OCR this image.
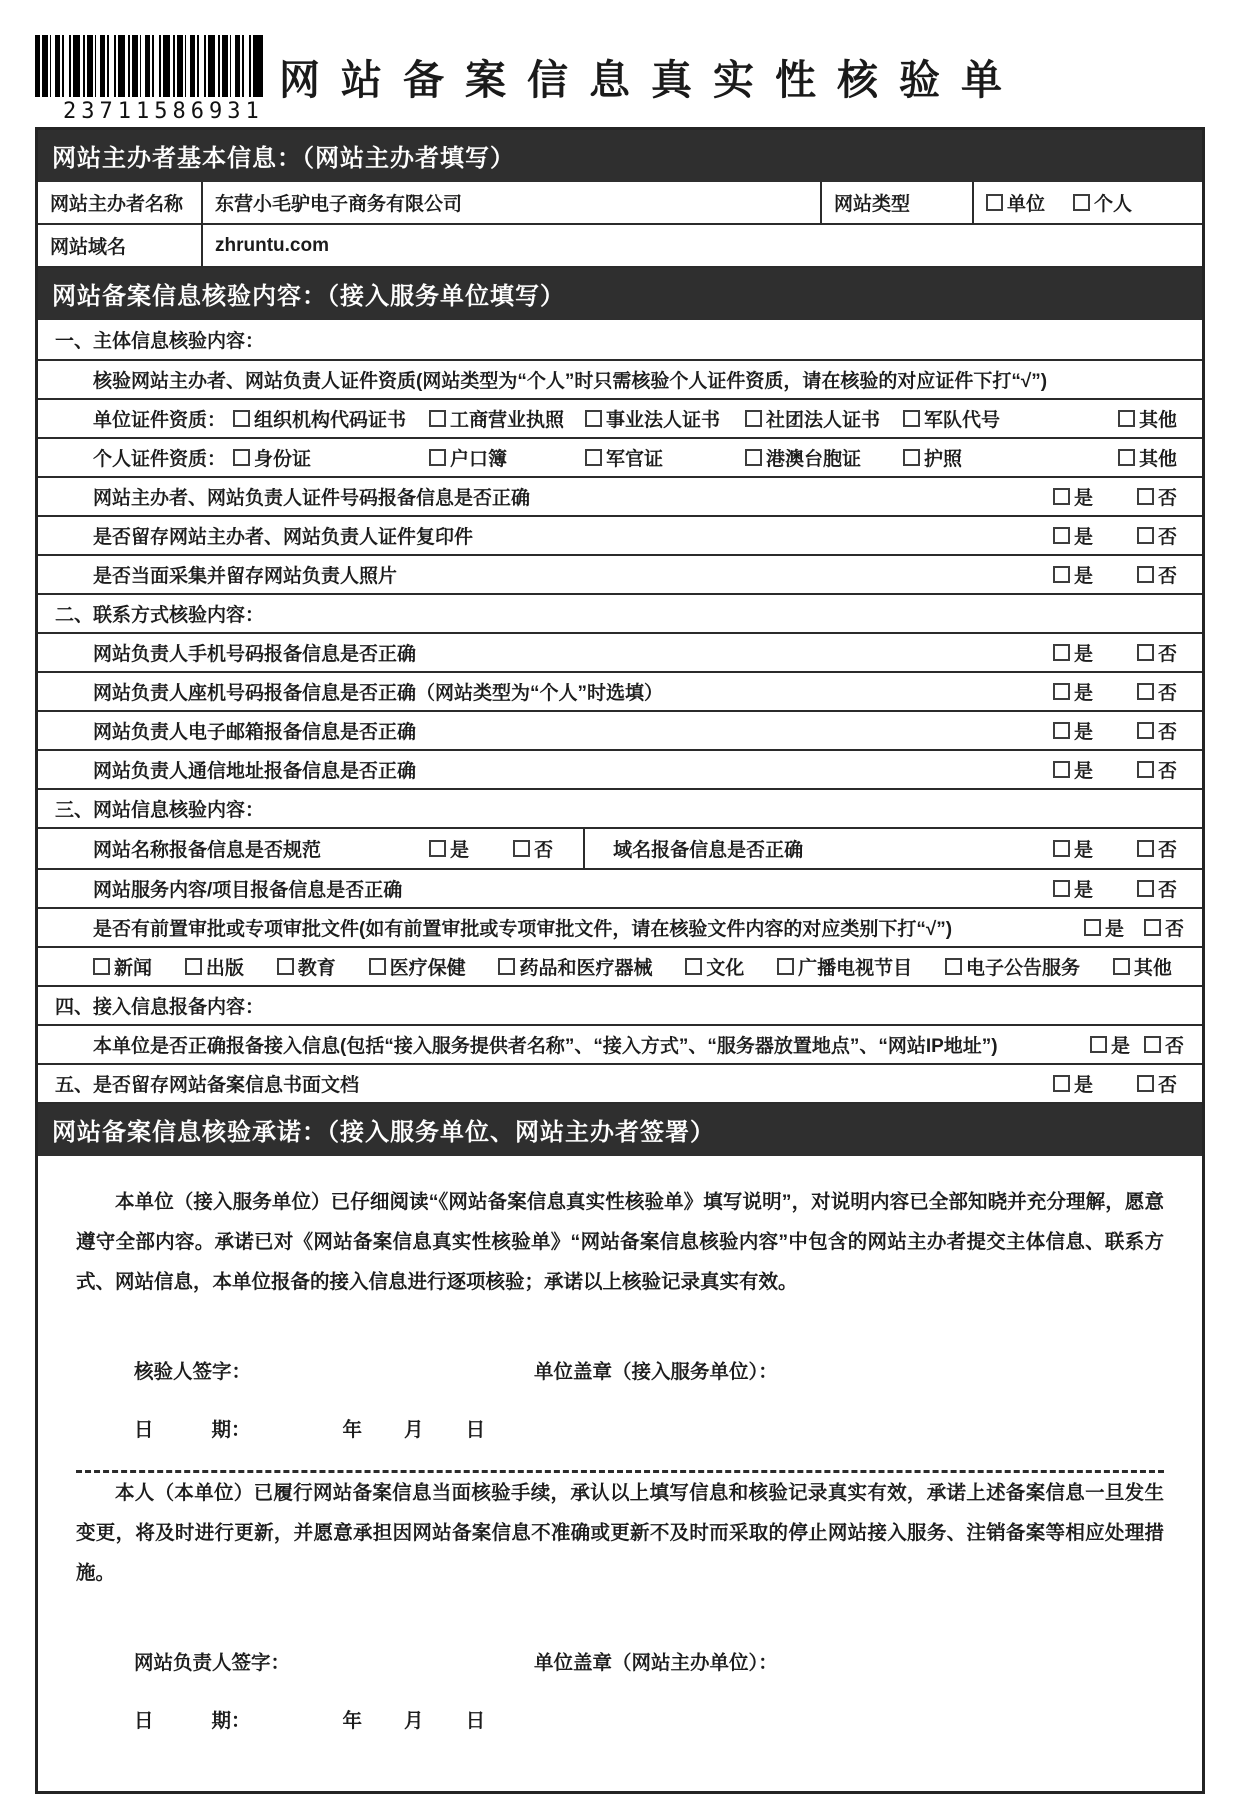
23711586931
网站备案信息真实性核验单
网站主办者基本信息：（网站主办者填写）
网站主办者名称	东营小毛驴电子商务有限公司	网站类型	单位	个人
网站域名	zhruntu.com
网站备案信息核验内容：（接入服务单位填写）
一、主体信息核验内容：
核验网站主办者、网站负责人证件资质(网站类型为“个人”时只需核验个人证件资质，请在核验的对应证件下打“√”)
单位证件资质：	组织机构代码证书 工商营业执照 事业法人证书 社团法人证书 军队代号	其他
个人证件资质：	身份证	户口簿	军官证	港澳台胞证	护照	其他
网站主办者、网站负责人证件号码报备信息是否正确	是	否
是否留存网站主办者、网站负责人证件复印件	是	否
是否当面采集并留存网站负责人照片	是	否
二、联系方式核验内容：
网站负责人手机号码报备信息是否正确	是	否
网站负责人座机号码报备信息是否正确（网站类型为“个人”时选填）	是	否
网站负责人电子邮箱报备信息是否正确	是	否
网站负责人通信地址报备信息是否正确	是	否
三、网站信息核验内容：
网站名称报备信息是否规范	是	否	域名报备信息是否正确	是	否
网站服务内容/项目报备信息是否正确	是	否
是否有前置审批或专项审批文件(如有前置审批或专项审批文件，请在核验文件内容的对应类别下打“√”)	是 否
新闻	出版	教育	医疗保健	药品和医疗器械	文化	广播电视节目	电子公告服务	其他
四、接入信息报备内容：
本单位是否正确报备接入信息(包括“接入服务提供者名称”、“接入方式”、“服务器放置地点”、“网站IP地址”)	是 否
五、是否留存网站备案信息书面文档	是	否
网站备案信息核验承诺：（接入服务单位、网站主办者签署）

本单位（接入服务单位）已仔细阅读“《网站备案信息真实性核验单》填写说明”，对说明内容已全部知晓并充分理解，愿意遵守全部内容。承诺已对《网站备案信息真实性核验单》“网站备案信息核验内容”中包含的网站主办者提交主体信息、联系方式、网站信息，本单位报备的接入信息进行逐项核验；承诺以上核验记录真实有效。

核验人签字：	单位盖章（接入服务单位）：
日	期：	年 月 日

本人（本单位）已履行网站备案信息当面核验手续，承认以上填写信息和核验记录真实有效，承诺上述备案信息一旦发生变更，将及时进行更新，并愿意承担因网站备案信息不准确或更新不及时而采取的停止网站接入服务、注销备案等相应处理措施。

网站负责人签字：	单位盖章（网站主办单位）：
日	期：	年 月 日
